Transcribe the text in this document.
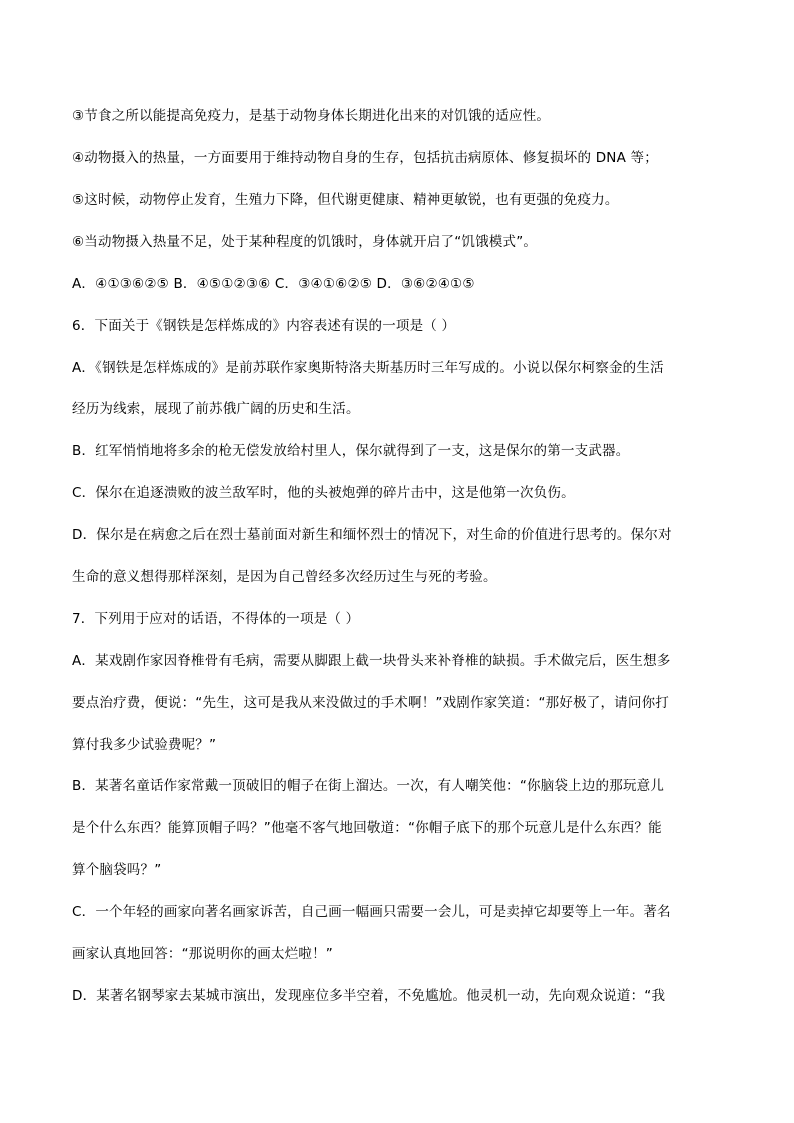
③节食之所以能提高免疫力，是基于动物身体长期进化出来的对饥饿的适应性。
④动物摄入的热量，一方面要用于维持动物自身的生存，包括抗击病原体、修复损坏的 DNA 等；
⑤这时候，动物停止发育，生殖力下降，但代谢更健康、精神更敏锐，也有更强的免疫力。
⑥当动物摄入热量不足，处于某种程度的饥饿时，身体就开启了“饥饿模式”。
A．④①③⑥②⑤ B．④⑤①②③⑥ C．③④①⑥②⑤ D．③⑥②④①⑤
6．下面关于《钢铁是怎样炼成的》内容表述有误的一项是（ ）
A．《钢铁是怎样炼成的》是前苏联作家奥斯特洛夫斯基历时三年写成的。小说以保尔柯察金的生活
经历为线索，展现了前苏俄广阔的历史和生活。
B．红军悄悄地将多余的枪无偿发放给村里人，保尔就得到了一支，这是保尔的第一支武器。
C．保尔在追逐溃败的波兰敌军时，他的头被炮弹的碎片击中，这是他第一次负伤。
D．保尔是在病愈之后在烈士墓前面对新生和缅怀烈士的情况下，对生命的价值进行思考的。保尔对
生命的意义想得那样深刻，是因为自己曾经多次经历过生与死的考验。
7．下列用于应对的话语，不得体的一项是（ ）
A．某戏剧作家因脊椎骨有毛病，需要从脚跟上截一块骨头来补脊椎的缺损。手术做完后，医生想多
要点治疗费，便说：“先生，这可是我从来没做过的手术啊！”戏剧作家笑道：“那好极了，请问你打
算付我多少试验费呢？”
B．某著名童话作家常戴一顶破旧的帽子在街上溜达。一次，有人嘲笑他：“你脑袋上边的那玩意儿
是个什么东西？能算顶帽子吗？”他毫不客气地回敬道：“你帽子底下的那个玩意儿是什么东西？能
算个脑袋吗？”
C．一个年轻的画家向著名画家诉苦，自己画一幅画只需要一会儿，可是卖掉它却要等上一年。著名
画家认真地回答：“那说明你的画太烂啦！”
D．某著名钢琴家去某城市演出，发现座位多半空着，不免尴尬。他灵机一动，先向观众说道：“我
